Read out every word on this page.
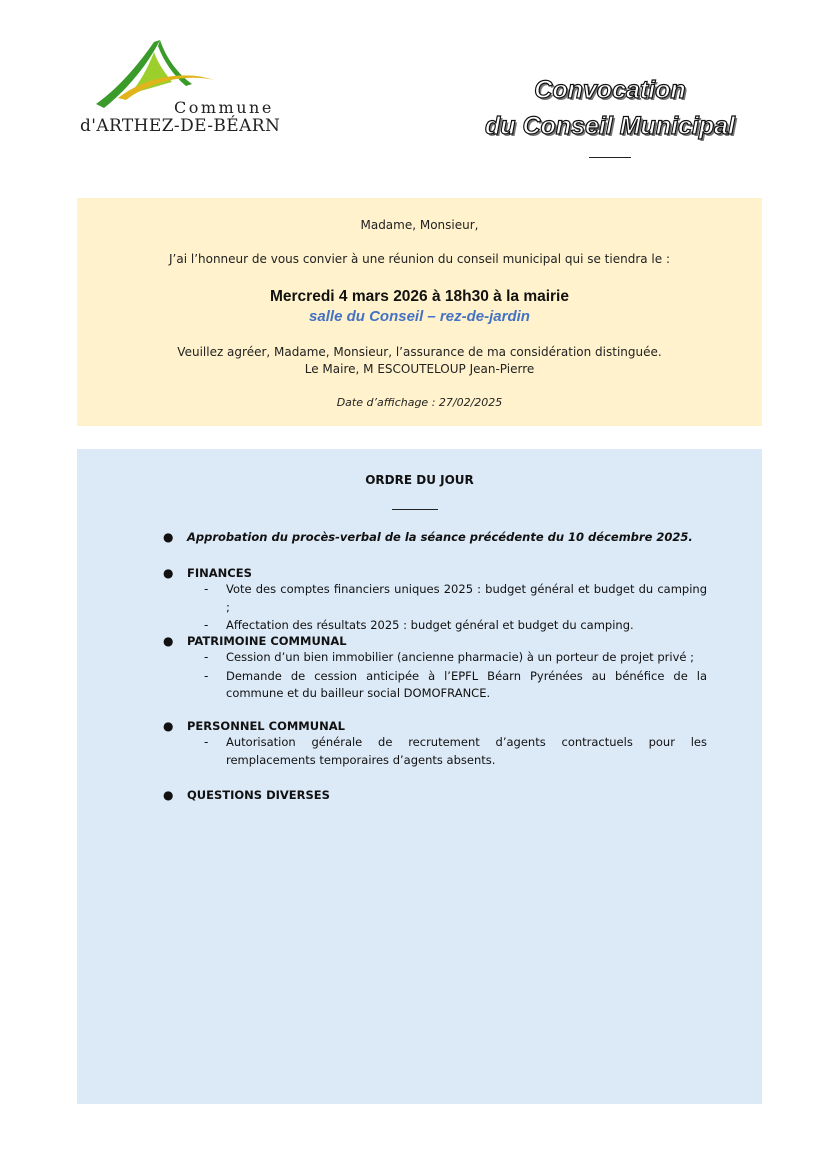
Commune
d'ARTHEZ-DE-BÉARN
Convocation
du Conseil Municipal
Madame, Monsieur,
J’ai l’honneur de vous convier à une réunion du conseil municipal qui se tiendra le :
Mercredi 4 mars 2026 à 18h30 à la mairie
salle du Conseil – rez-de-jardin
Veuillez agréer, Madame, Monsieur, l’assurance de ma considération distinguée.
Le Maire, M ESCOUTELOUP Jean-Pierre
Date d’affichage : 27/02/2025
ORDRE DU JOUR
● Approbation du procès-verbal de la séance précédente du 10 décembre 2025.
● FINANCES
- Vote des comptes financiers uniques 2025 : budget général et budget du camping ;
- Affectation des résultats 2025 : budget général et budget du camping.
● PATRIMOINE COMMUNAL
- Cession d’un bien immobilier (ancienne pharmacie) à un porteur de projet privé ;
- Demande de cession anticipée à l’EPFL Béarn Pyrénées au bénéfice de la commune et du bailleur social DOMOFRANCE.
● PERSONNEL COMMUNAL
- Autorisation générale de recrutement d’agents contractuels pour les remplacements temporaires d’agents absents.
● QUESTIONS DIVERSES
